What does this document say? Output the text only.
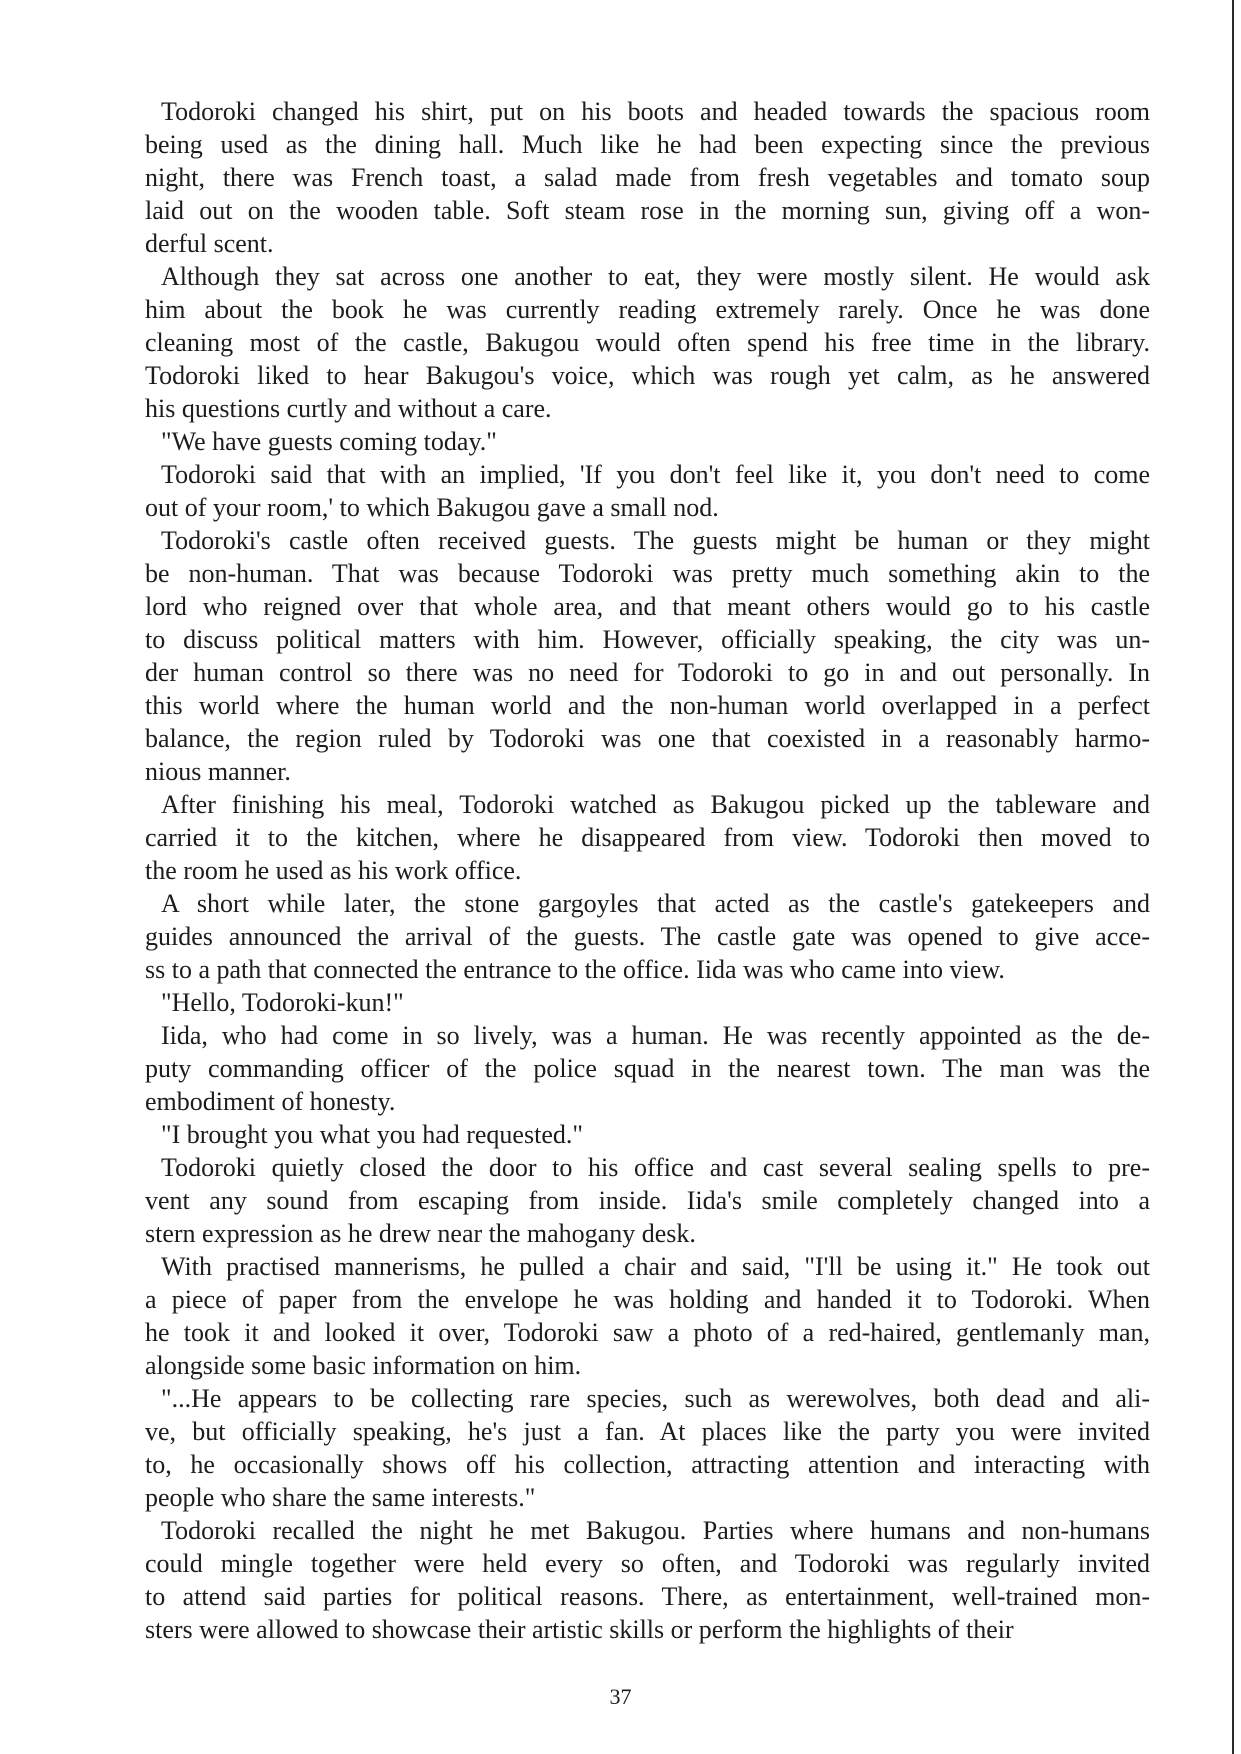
Todoroki changed his shirt, put on his boots and headed towards the spacious room
being used as the dining hall. Much like he had been expecting since the previous
night, there was French toast, a salad made from fresh vegetables and tomato soup
laid out on the wooden table. Soft steam rose in the morning sun, giving off a won-
derful scent.
Although they sat across one another to eat, they were mostly silent. He would ask
him about the book he was currently reading extremely rarely. Once he was done
cleaning most of the castle, Bakugou would often spend his free time in the library.
Todoroki liked to hear Bakugou's voice, which was rough yet calm, as he answered
his questions curtly and without a care.
"We have guests coming today."
Todoroki said that with an implied, 'If you don't feel like it, you don't need to come
out of your room,' to which Bakugou gave a small nod.
Todoroki's castle often received guests. The guests might be human or they might
be non-human. That was because Todoroki was pretty much something akin to the
lord who reigned over that whole area, and that meant others would go to his castle
to discuss political matters with him. However, officially speaking, the city was un-
der human control so there was no need for Todoroki to go in and out personally. In
this world where the human world and the non-human world overlapped in a perfect
balance, the region ruled by Todoroki was one that coexisted in a reasonably harmo-
nious manner.
After finishing his meal, Todoroki watched as Bakugou picked up the tableware and
carried it to the kitchen, where he disappeared from view. Todoroki then moved to
the room he used as his work office.
A short while later, the stone gargoyles that acted as the castle's gatekeepers and
guides announced the arrival of the guests. The castle gate was opened to give acce-
ss to a path that connected the entrance to the office. Iida was who came into view.
"Hello, Todoroki-kun!"
Iida, who had come in so lively, was a human. He was recently appointed as the de-
puty commanding officer of the police squad in the nearest town. The man was the
embodiment of honesty.
"I brought you what you had requested."
Todoroki quietly closed the door to his office and cast several sealing spells to pre-
vent any sound from escaping from inside. Iida's smile completely changed into a
stern expression as he drew near the mahogany desk.
With practised mannerisms, he pulled a chair and said, "I'll be using it." He took out
a piece of paper from the envelope he was holding and handed it to Todoroki. When
he took it and looked it over, Todoroki saw a photo of a red-haired, gentlemanly man,
alongside some basic information on him.
"...He appears to be collecting rare species, such as werewolves, both dead and ali-
ve, but officially speaking, he's just a fan. At places like the party you were invited
to, he occasionally shows off his collection, attracting attention and interacting with
people who share the same interests."
Todoroki recalled the night he met Bakugou. Parties where humans and non-humans
could mingle together were held every so often, and Todoroki was regularly invited
to attend said parties for political reasons. There, as entertainment, well-trained mon-
sters were allowed to showcase their artistic skills or perform the highlights of their
37
